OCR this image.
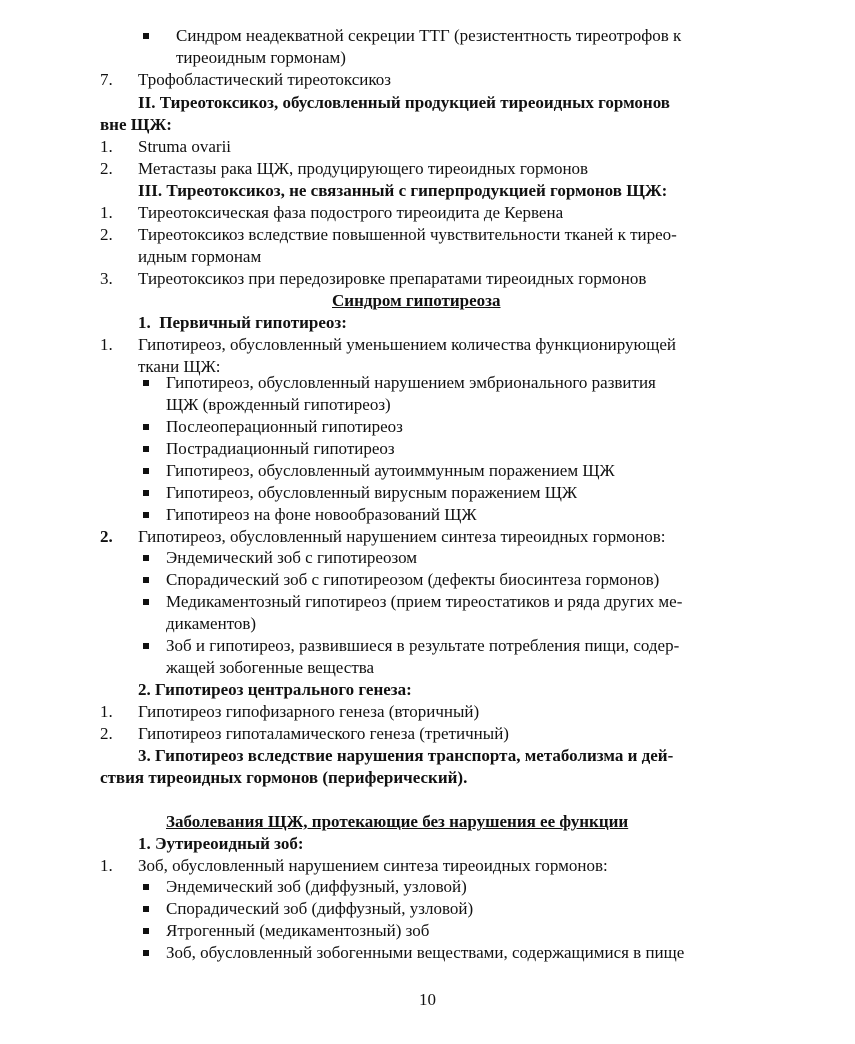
Синдром неадекватной секреции ТТГ (резистентность тиреотрофов к
тиреоидным гормонам)
7. Трофобластический тиреотоксикоз
II. Тиреотоксикоз, обусловленный продукцией тиреоидных гормонов
вне ЩЖ:
1. Struma ovarii
2. Метастазы рака ЩЖ, продуцирующего тиреоидных гормонов
III. Тиреотоксикоз, не связанный с гиперпродукцией гормонов ЩЖ:
1. Тиреотоксическая фаза подострого тиреоидита де Кервена
2. Тиреотоксикоз вследствие повышенной чувствительности тканей к тирео-
идным гормонам
3. Тиреотоксикоз при передозировке препаратами тиреоидных гормонов
Синдром гипотиреоза
1.  Первичный гипотиреоз:
1. Гипотиреоз, обусловленный уменьшением количества функционирующей
ткани ЩЖ:
Гипотиреоз, обусловленный нарушением эмбрионального развития
ЩЖ (врожденный гипотиреоз)
Послеоперационный гипотиреоз
Пострадиационный гипотиреоз
Гипотиреоз, обусловленный аутоиммунным поражением ЩЖ
Гипотиреоз, обусловленный вирусным поражением ЩЖ
Гипотиреоз на фоне новообразований ЩЖ
2. Гипотиреоз, обусловленный нарушением синтеза тиреоидных гормонов:
Эндемический зоб с гипотиреозом
Спорадический зоб с гипотиреозом (дефекты биосинтеза гормонов)
Медикаментозный гипотиреоз (прием тиреостатиков и ряда других ме-
дикаментов)
Зоб и гипотиреоз, развившиеся в результате потребления пищи, содер-
жащей зобогенные вещества
2. Гипотиреоз центрального генеза:
1. Гипотиреоз гипофизарного генеза (вторичный)
2. Гипотиреоз гипоталамического генеза (третичный)
3. Гипотиреоз вследствие нарушения транспорта, метаболизма и дей-
ствия тиреоидных гормонов (периферический).
Заболевания ЩЖ, протекающие без нарушения ее функции
1. Эутиреоидный зоб:
1. Зоб, обусловленный нарушением синтеза тиреоидных гормонов:
Эндемический зоб (диффузный, узловой)
Спорадический зоб (диффузный, узловой)
Ятрогенный (медикаментозный) зоб
Зоб, обусловленный зобогенными веществами, содержащимися в пище
10
